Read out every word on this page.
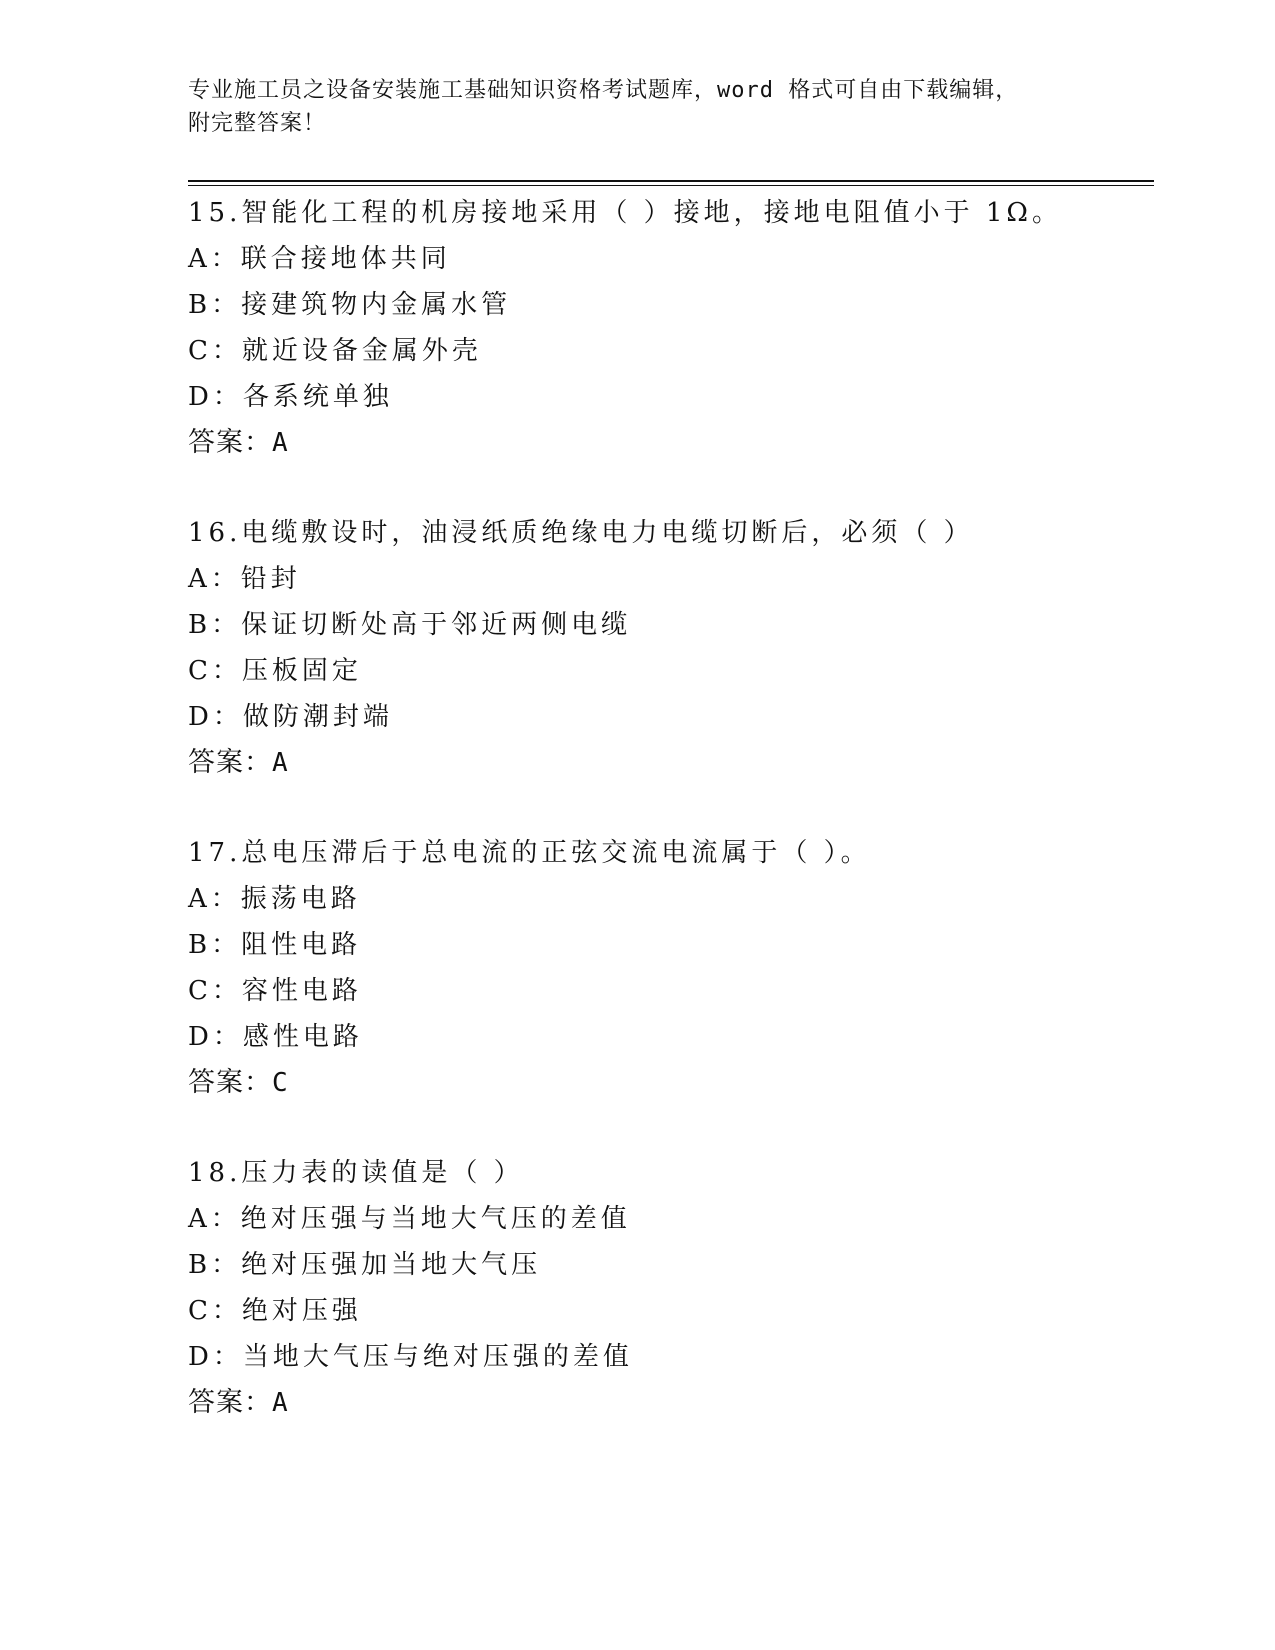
专业施工员之设备安装施工基础知识资格考试题库，word 格式可自由下载编辑，
附完整答案！
15.智能化工程的机房接地采用（ ）接地，接地电阻值小于 1Ω。
A：联合接地体共同
B：接建筑物内金属水管
C：就近设备金属外壳
D：各系统单独
答案：A
16.电缆敷设时，油浸纸质绝缘电力电缆切断后，必须（ ）
A：铅封
B：保证切断处高于邻近两侧电缆
C：压板固定
D：做防潮封端
答案：A
17.总电压滞后于总电流的正弦交流电流属于（ ）。
A：振荡电路
B：阻性电路
C：容性电路
D：感性电路
答案：C
18.压力表的读值是（ ）
A：绝对压强与当地大气压的差值
B：绝对压强加当地大气压
C：绝对压强
D：当地大气压与绝对压强的差值
答案：A
